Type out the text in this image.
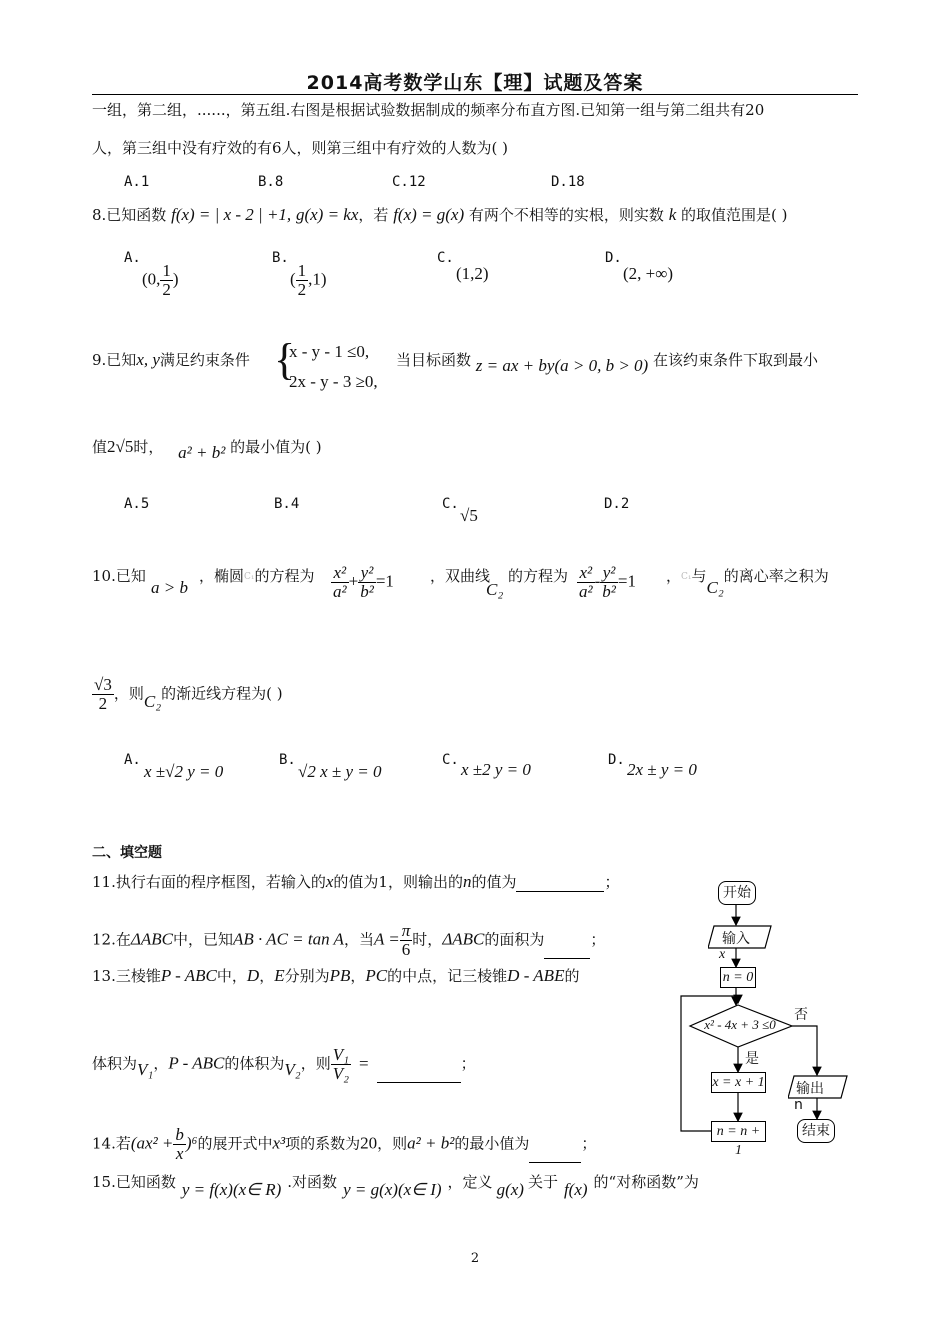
2014高考数学山东【理】试题及答案
一组，第二组，......，第五组.右图是根据试验数据制成的频率分布直方图.已知第一组与第二组共有20
人，第三组中没有疗效的有6人，则第三组中有疗效的人数为( )
A.1	B.8	C.12	D.18
8.已知函数 f(x) = | x - 2 | +1, g(x) = kx，若 f(x) = g(x) 有两个不相等的实根，则实数 k 的取值范围是( )
A.
(0, $\frac{1}{2}$ )
B.
( $\frac{1}{2} ,1$)
C.
(1,2)
D.
(2, +∞)
9.已知x, y满足约束条件 {
x - y - 1 ≤0,
2x - y - 3 ≥0,
当目标函数 z = ax + by(a > 0, b > 0) 在该约束条件下取到最小
值2√5时， a² + b² 的最小值为( )
A.5	B.4	C.
√5
D.2
10.已知
a > b
，椭圆C₁的方程为 $\frac{\text{x²}}{\text{a²}} + \frac{\text{y²}}{\text{b²}} =1$ ，双曲线
C₂
的方程为 $\frac{\text{x²}}{\text{a²}} - \frac{\text{y²}}{\text{b²}} =1$ ，C₁与C₂的离心率之积为
$\frac{√3}{2}$ ，则C₂的渐近线方程为( )
A.
x ±√2 y = 0
B.
√2 x ± y = 0
C. x ±2 y = 0	D. 2x ± y = 0
二、填空题
11.执行右面的程序框图，若输入的x的值为1，则输出的n的值为	；
12.在ΔABC中，已知AB · AC = tan A，当$A = \frac{\pi}{6}$ 时，ΔABC的面积为	；
13.三棱锥P - ABC中，D，E分别为PB，PC的中点，记三棱锥D - ABE的
体积为V₁，P - ABC的体积为V₂，则 $\frac{\text{V₁}}{\text{V₂}}$ =	；
14.若$(ax^2 + \frac{b}{x} )^6$的展开式中x³项的系数为20，则a² + b²的最小值为	；
15.已知函数 y = f(x)(x∈ R) .对函数 y = g(x)(x∈ I) ，定义 g(x) 关于 f(x) 的“对称函数”为
开始
输入
x
n = 0
x² - 4x + 3 ≤0
是
否
x = x + 1
n = n + 1
输出
n
结束
2
